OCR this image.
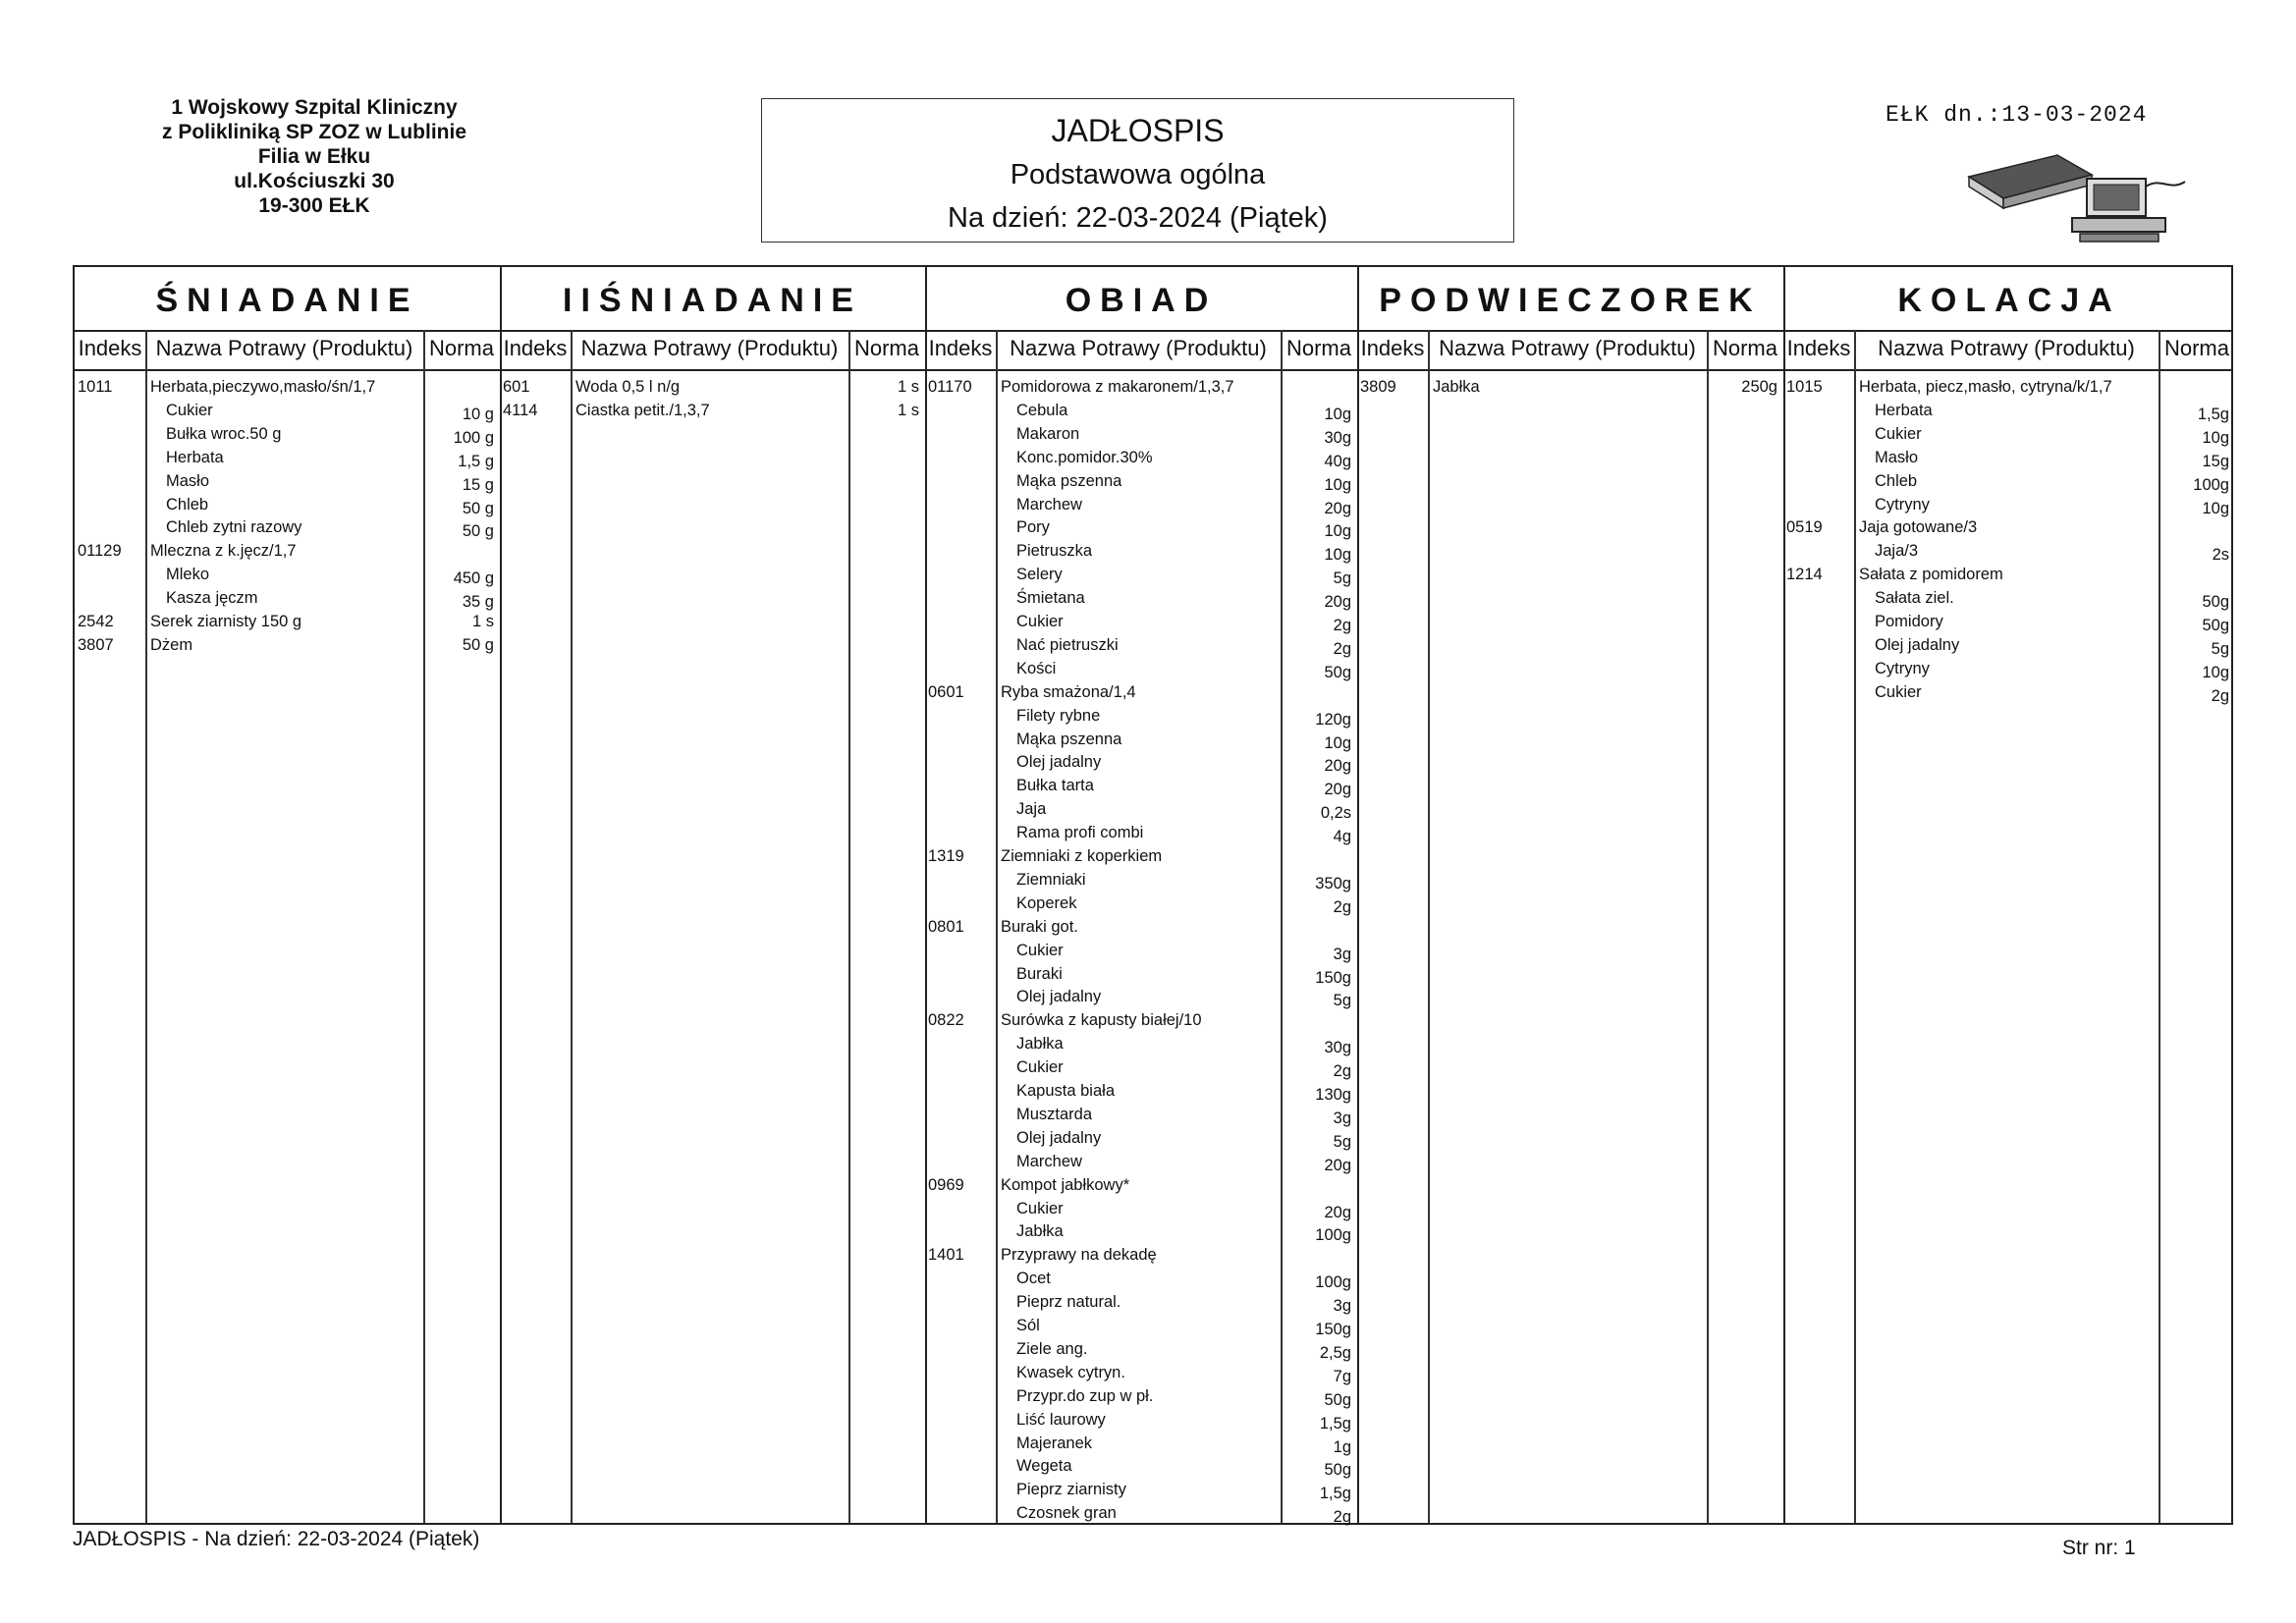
1 Wojskowy Szpital Kliniczny
z Polikliniką SP ZOZ w Lublinie
Filia w Ełku
ul.Kościuszki 30
19-300 EŁK
JADŁOSPIS
Podstawowa ogólna
Na dzień: 22-03-2024 (Piątek)
EŁK dn.:13-03-2024
ŚNIADANIE
Indeks Nazwa Potrawy (Produktu) Norma
1011 Herbata,pieczywo,masło/śn/1,7
Cukier	10 g
Bułka wroc.50 g	100 g
Herbata	1,5 g
Masło	15 g
Chleb	50 g
Chleb zytni razowy	50 g
01129 Mleczna z k.jęcz/1,7
Mleko	450 g
Kasza jęczm	35 g
2542 Serek ziarnisty 150 g	1 s
3807 Dżem	50 g
IIŚNIADANIE
Indeks Nazwa Potrawy (Produktu) Norma
601	Woda 0,5 l n/g	1 s
4114 Ciastka petit./1,3,7	1 s
OBIAD
Indeks Nazwa Potrawy (Produktu) Norma
01170 Pomidorowa z makaronem/1,3,7
Cebula	10g
Makaron	30g
Konc.pomidor.30%	40g
Mąka pszenna	10g
Marchew	20g
Pory	10g
Pietruszka	10g
Selery	5g
Śmietana	20g
Cukier	2g
Nać pietruszki	2g
Kości	50g
0601 Ryba smażona/1,4
Filety rybne	120g
Mąka pszenna	10g
Olej jadalny	20g
Bułka tarta	20g
Jaja	0,2s
Rama profi combi	4g
1319 Ziemniaki z koperkiem
Ziemniaki	350g
Koperek	2g
0801 Buraki got.
Cukier	3g
Buraki	150g
Olej jadalny	5g
0822 Surówka z kapusty białej/10
Jabłka	30g
Cukier	2g
Kapusta biała	130g
Musztarda	3g
Olej jadalny	5g
Marchew	20g
0969 Kompot jabłkowy*
Cukier	20g
Jabłka	100g
1401 Przyprawy na dekadę
Ocet	100g
Pieprz natural.	3g
Sól	150g
Ziele ang.	2,5g
Kwasek cytryn.	7g
Przypr.do zup w pł.	50g
Liść laurowy	1,5g
Majeranek	1g
Wegeta	50g
Pieprz ziarnisty	1,5g
Czosnek gran	2g
PODWIECZOREK
Indeks Nazwa Potrawy (Produktu) Norma
3809 Jabłka	250g
KOLACJA
Indeks	Nazwa Potrawy (Produktu)	Norma
1015 Herbata, piecz,masło, cytryna/k/1,7
Herbata	1,5g
Cukier	10g
Masło	15g
Chleb	100g
Cytryny	10g
0519 Jaja gotowane/3
Jaja/3	2s
1214 Sałata z pomidorem
Sałata ziel.	50g
Pomidory	50g
Olej jadalny	5g
Cytryny	10g
Cukier	2g
JADŁOSPIS - Na dzień: 22-03-2024 (Piątek)	Str nr: 1
